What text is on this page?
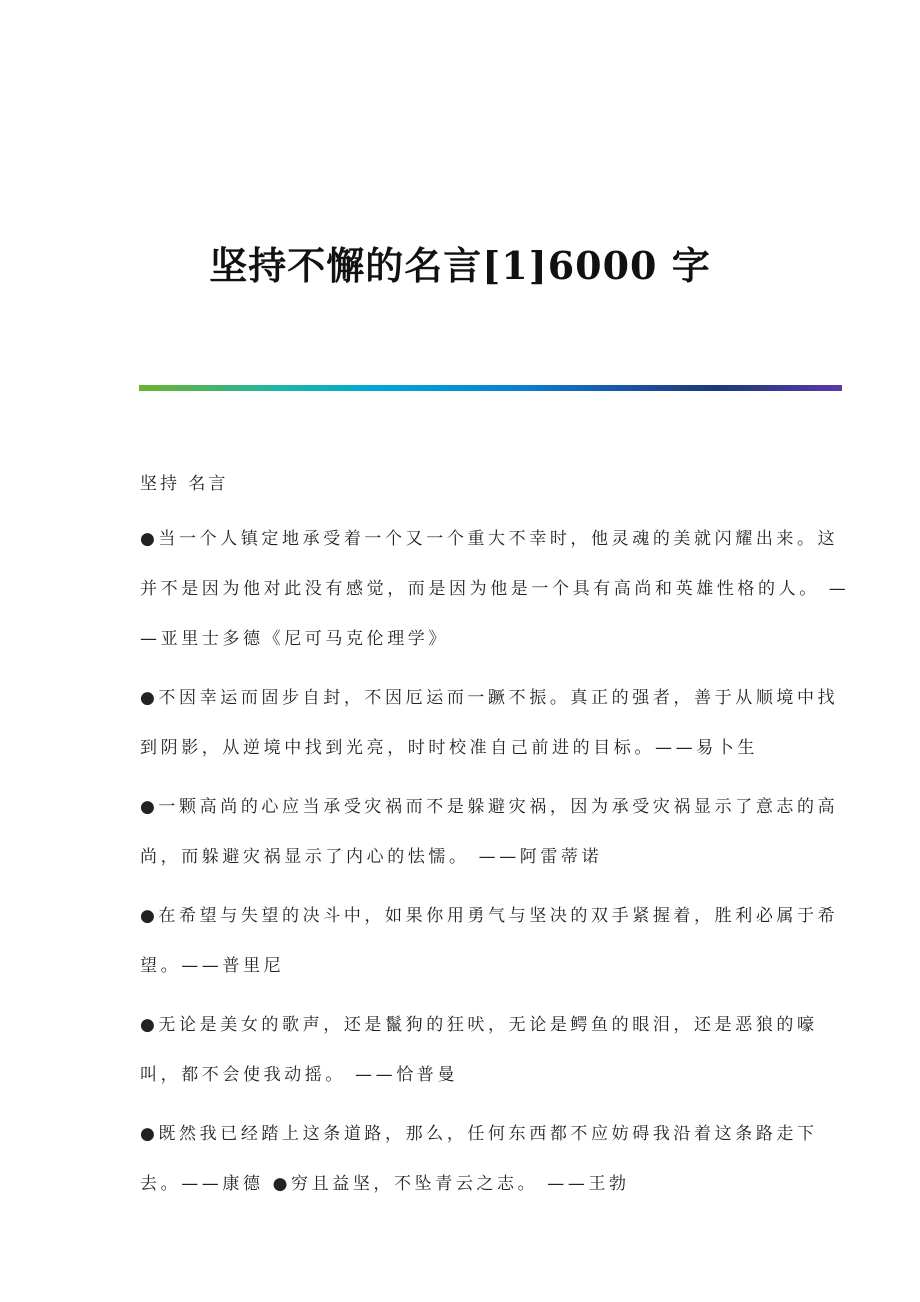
坚持不懈的名言[1]6000 字
坚持 名言
●当一个人镇定地承受着一个又一个重大不幸时，他灵魂的美就闪耀出来。这
并不是因为他对此没有感觉，而是因为他是一个具有高尚和英雄性格的人。 —
—亚里士多德《尼可马克伦理学》
●不因幸运而固步自封，不因厄运而一蹶不振。真正的强者，善于从顺境中找
到阴影，从逆境中找到光亮，时时校准自己前进的目标。——易卜生
●一颗高尚的心应当承受灾祸而不是躲避灾祸，因为承受灾祸显示了意志的高
尚，而躲避灾祸显示了内心的怯懦。 ——阿雷蒂诺
●在希望与失望的决斗中，如果你用勇气与坚决的双手紧握着，胜利必属于希
望。——普里尼
●无论是美女的歌声，还是鬣狗的狂吠，无论是鳄鱼的眼泪，还是恶狼的嚎
叫，都不会使我动摇。 ——恰普曼
●既然我已经踏上这条道路，那么，任何东西都不应妨碍我沿着这条路走下
去。——康德 ●穷且益坚，不坠青云之志。 ——王勃
